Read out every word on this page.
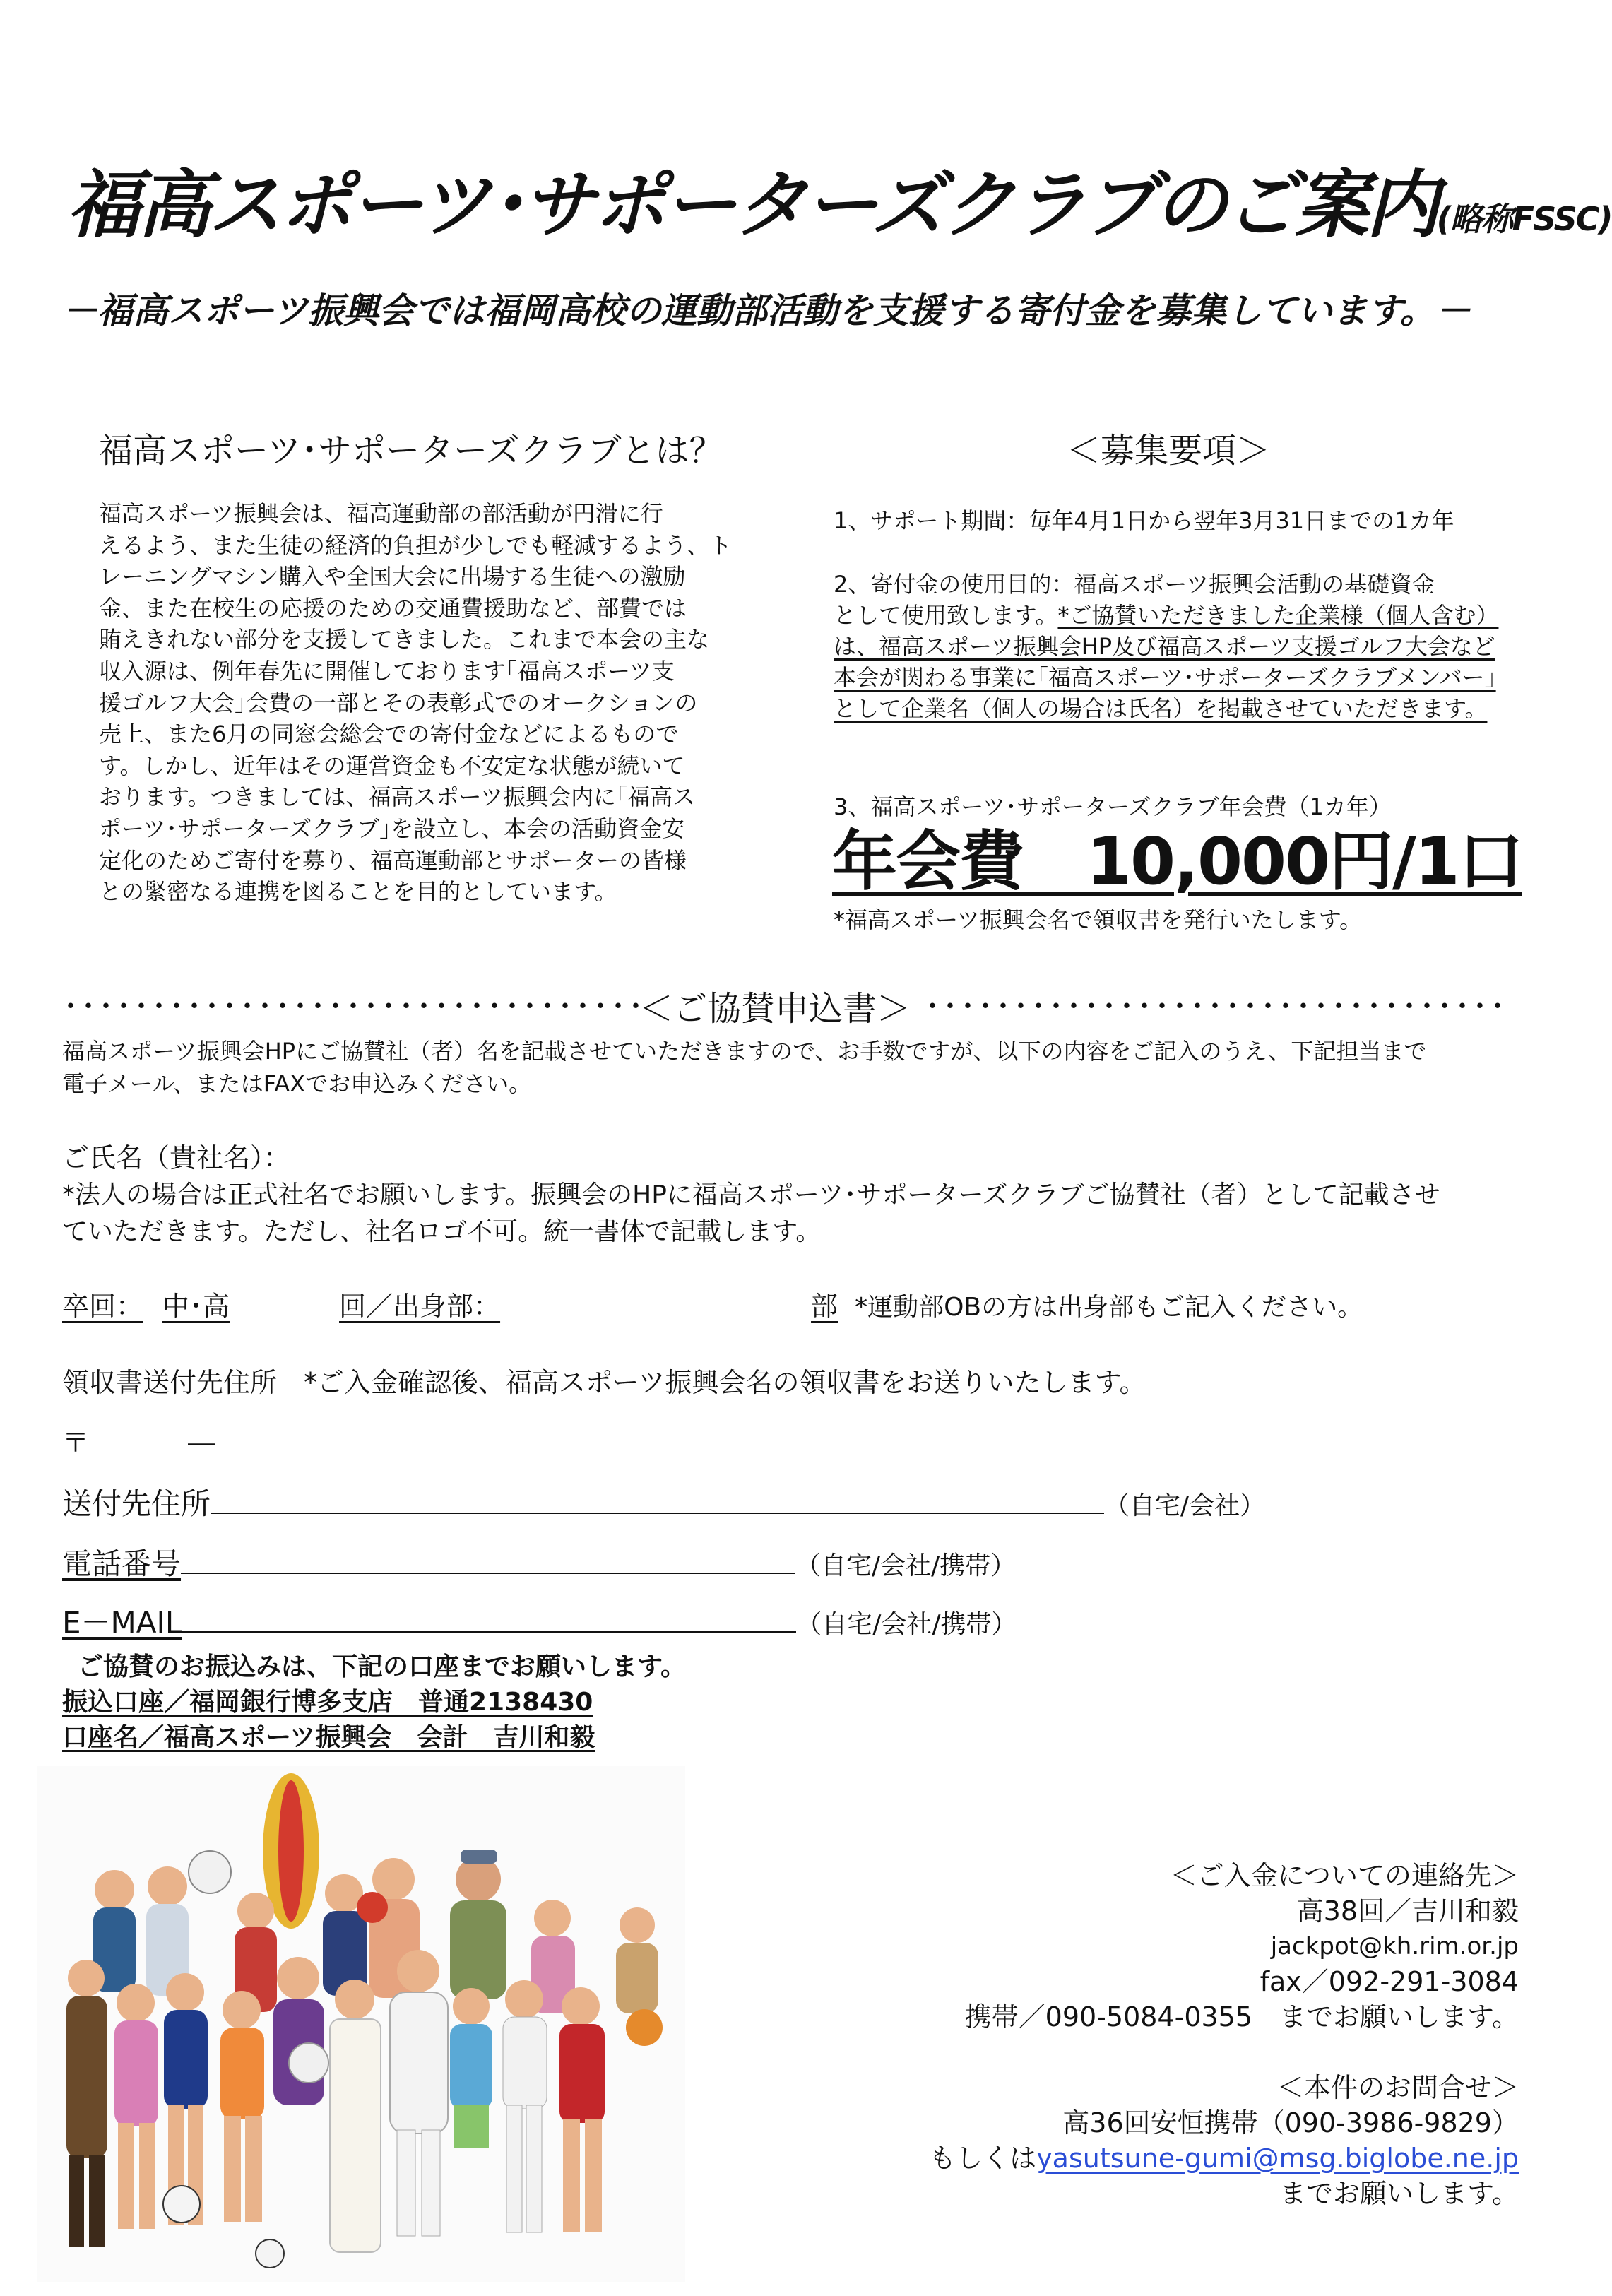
福高スポーツ･サポーターズクラブのご案内(略称FSSC)
－福高スポーツ振興会では福岡高校の運動部活動を支援する寄付金を募集しています。－
福高スポーツ･サポーターズクラブとは？
福高スポーツ振興会は、福高運動部の部活動が円滑に行
えるよう、また生徒の経済的負担が少しでも軽減するよう、ト
レーニングマシン購入や全国大会に出場する生徒への激励
金、また在校生の応援のための交通費援助など、部費では
賄えきれない部分を支援してきました。これまで本会の主な
収入源は、例年春先に開催しております｢福高スポーツ支
援ゴルフ大会｣会費の一部とその表彰式でのオークションの
売上、また6月の同窓会総会での寄付金などによるもので
す。しかし、近年はその運営資金も不安定な状態が続いて
おります。つきましては、福高スポーツ振興会内に｢福高ス
ポーツ･サポーターズクラブ｣を設立し、本会の活動資金安
定化のためご寄付を募り、福高運動部とサポーターの皆様
との緊密なる連携を図ることを目的としています。
＜募集要項＞
1、サポート期間：毎年4月1日から翌年3月31日までの1カ年
2、寄付金の使用目的：福高スポーツ振興会活動の基礎資金
として使用致します。*ご協賛いただきました企業様（個人含む）は、福高スポーツ振興会HP及び福高スポーツ支援ゴルフ大会など本会が関わる事業に｢福高スポーツ･サポーターズクラブメンバー｣として企業名（個人の場合は氏名）を掲載させていただきます。
3、福高スポーツ･サポーターズクラブ年会費（1カ年）
年会費　10,000円/1口
*福高スポーツ振興会名で領収書を発行いたします。
･････････････････････････････････
＜ご協賛申込書＞ ･････････････････････････････････
福高スポーツ振興会HPにご協賛社（者）名を記載させていただきますので、お手数ですが、以下の内容をご記入のうえ、下記担当まで
電子メール、またはFAXでお申込みください。
ご氏名（貴社名）：
*法人の場合は正式社名でお願いします。振興会のHPに福高スポーツ･サポーターズクラブご協賛社（者）として記載させ
ていただきます。ただし、社名ロゴ不可。統一書体で記載します。
卒回： 中･高	回／出身部：	部 *運動部OBの方は出身部もご記入ください。
領収書送付先住所　*ご入金確認後、福高スポーツ振興会名の領収書をお送りいたします。
〒	―
送付先住所	（自宅/会社）
電話番号	（自宅/会社/携帯）
E－MAIL	（自宅/会社/携帯）
ご協賛のお振込みは、下記の口座までお願いします。
振込口座／福岡銀行博多支店　普通2138430
口座名／福高スポーツ振興会　会計　吉川和毅
＜ご入金についての連絡先＞
高38回／吉川和毅
jackpot@kh.rim.or.jp
fax／092-291-3084
携帯／090-5084-0355　までお願いします。
＜本件のお問合せ＞
高36回安恒携帯（090-3986-9829）
もしくはyasutsune-gumi@msg.biglobe.ne.jp
までお願いします。
